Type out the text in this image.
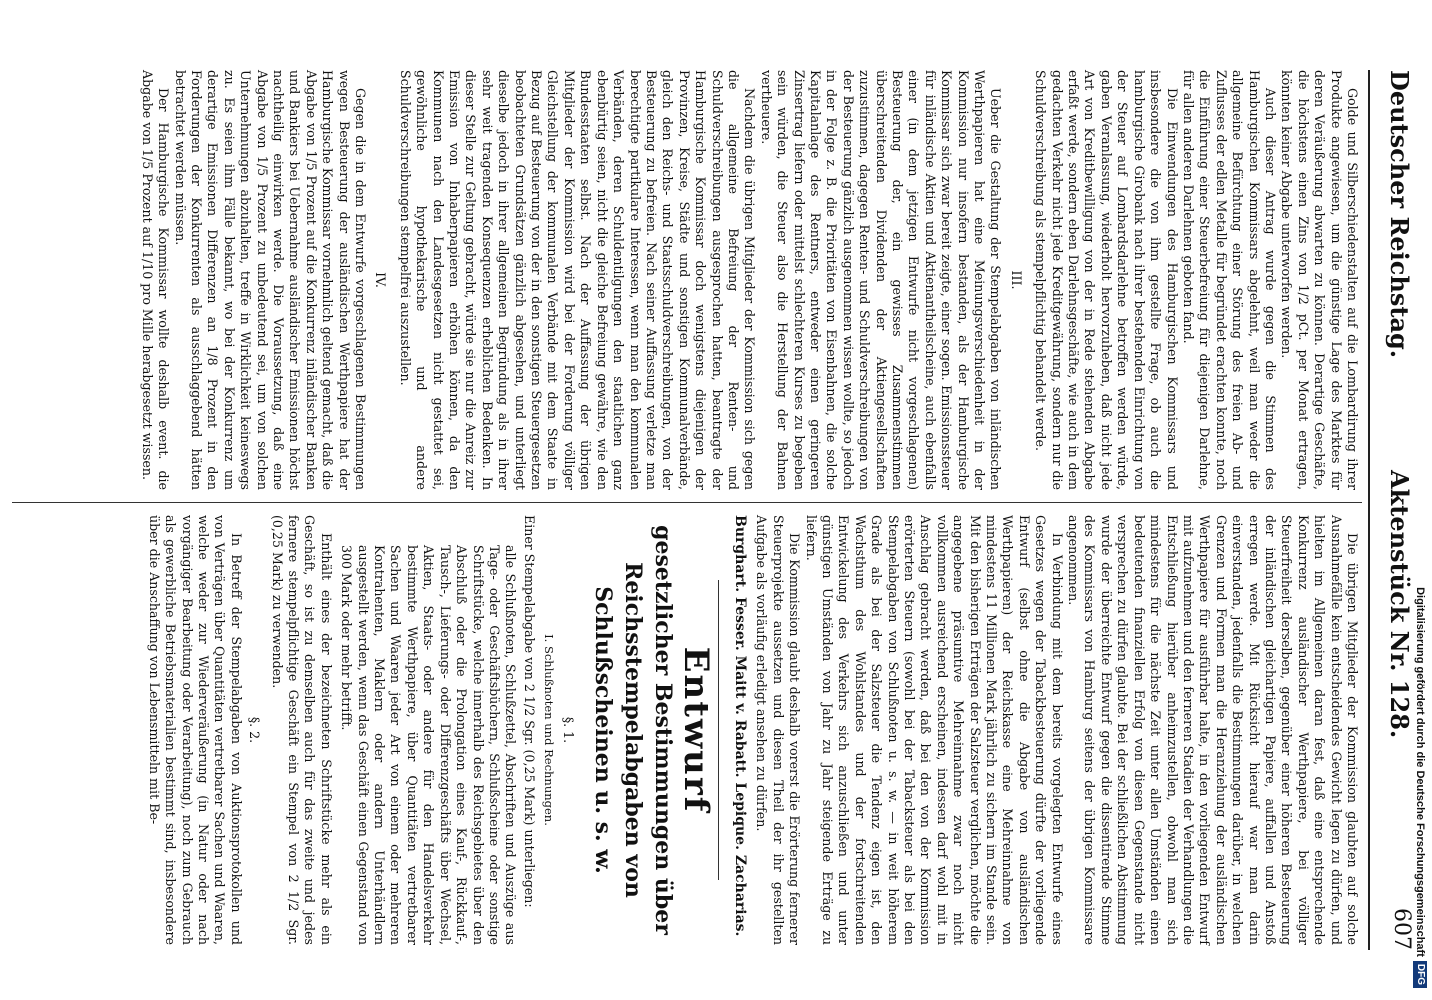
Deutscher Reichstag.
Aktenstück Nr. 128.
607

Golde und Silberschiedenstalten auf die Lombardirung ihrer Produkte angewiesen, um die günstige Lage des Marktes für deren Veräußerung abwarten zu können. Derartige Geschäfte, die höchstens einen Zins von 1/2 pCt. per Monat ertragen, könnten keiner Abgabe unterworfen werden.

Auch dieser Antrag wurde gegen die Stimmen des Hamburgischen Kommissars abgelehnt, weil man weder die allgemeine Befürchtung einer Störung des freien Ab- und Zuflusses der edlen Metalle für begründet erachten konnte, noch die Einführung einer Steuerbefreiung für diejenigen Darlehne, für allen anderen Darlehnen geboten fand.

Die Einwendungen des Hamburgischen Kommissars und insbesondere die von ihm gestellte Frage, ob auch die hamburgische Girobank nach ihrer bestehenden Einrichtung von der Steuer auf Lombardsdarlehne betroffen werden würde, gaben Veranlassung, wiederholt hervorzuheben, daß nicht jede Art von Kreditbewilligung von der in Rede stehenden Abgabe erfaßt werde, sondern eben Darlehnsgeschäfte, wie auch in dem gedachten Verkehr nicht jede Kreditgewährung, sondern nur die Schuldverschreibung als stempelpflichtig behandelt werde.

III.

Ueber die Gestaltung der Stempelabgaben von inländischen Werthpapieren hat eine Meinungsverschiedenheit in der Kommission nur insofern bestanden, als der Hamburgische Kommissar sich zwar bereit zeigte, einer sogen. Emissionssteuer für inländische Aktien und Aktienantheilscheine, auch ebenfalls einer (in dem jetzigen Entwurfe nicht vorgeschlagenen) Besteuerung der, ein gewisses Zusammenstimmen überschreitenden Dividenden der Aktiengesellschaften zuzustimmen, dagegen Renten- und Schuldverschreibungen von der Besteuerung gänzlich ausgenommen wissen wollte, so jedoch in der Folge z. B. die Prioritäten von Eisenbahnen, die solche Kapitalanlage des Rentners, entweder einen geringeren Zinsertrag liefern oder mittelst schlechteren Kurses zu begeben sein würden, die Steuer also die Herstellung der Bahnen vertheuere.

Nachdem die übrigen Mitglieder der Kommission sich gegen die allgemeine Befreiung der Renten- und Schuldverschreibungen ausgesprochen hatten, beantragte der Hamburgische Kommissar doch wenigstens diejenigen der Provinzen, Kreise, Städte und sonstigen Kommunalverbände, gleich den Reichs- und Staatsschuldverschreibungen, von der Besteuerung zu befreien. Nach seiner Auffassung verletze man berechtigte partikulare Interessen, wenn man den kommunalen Verbänden, deren Schuldentilgungen den staatlichen ganz ebenbürtig seien, nicht die gleiche Befreiung gewähre, wie den Bundesstaaten selbst. Nach der Auffassung der übrigen Mitglieder der Kommission wird bei der Forderung völliger Gleichstellung der kommunalen Verbände mit dem Staate in Bezug auf Besteuerung von der in den sonstigen Steuergesetzen beobachteten Grundsätzen gänzlich abgesehen, und unterliegt dieselbe jedoch in ihrer allgemeinen Begründung als in ihrer sehr weit tragenden Konsequenzen erheblichen Bedenken. In dieser Stelle zur Geltung gebracht, würde sie nur die Anreiz zur Emission von Inhaberpapieren erhöhen können, da den Kommunen nach den Landesgesetzen nicht gestattet sei, gewöhnliche hypothekarische und andere Schuldverschreibungen stempelfrei auszustellen.

IV.

Gegen die in dem Entwurfe vorgeschlagenen Bestimmungen wegen Besteuerung der ausländischen Werthpapiere hat der Hamburgische Kommissar vornehmlich geltend gemacht, daß die Abgabe von 1/5 Prozent auf die Konkurrenz inländischer Banken und Bankiers bei Uebernahme ausländischer Emissionen höchst nachtheilig einwirken werde. Die Voraussetzung, daß eine Abgabe von 1/5 Prozent zu unbedeutend sei, um von solchen Unternehmungen abzuhalten, treffe in Wirklichkeit keineswegs zu. Es seien ihm Fälle bekannt, wo bei der Konkurrenz um derartige Emissionen Differenzen an 1/8 Prozent in den Forderungen der Konkurrenten als ausschlaggebend hätten betrachtet werden müssen.

Der Hamburgische Kommissar wollte deshalb event. die Abgabe von 1/5 Prozent auf 1/10 pro Mille herabgesetzt wissen.

Die übrigen Mitglieder der Kommission glaubten auf solche Ausnahmefälle kein entscheidendes Gewicht legen zu dürfen, und hielten im Allgemeinen daran fest, daß eine entsprechende Konkurrenz ausländischer Werthpapiere, bei völliger Steuerfreiheit derselben, gegenüber einer höheren Besteuerung der inländischen gleichartigen Papiere, auffallen und Anstoß erregen werde. Mit Rücksicht hierauf war man darin einverstanden, jedenfalls die Bestimmungen darüber, in welchen Grenzen und Formen man die Heranziehung der ausländischen Werthpapiere für ausführbar halte, in den vorliegenden Entwurf mit aufzunehmen und den ferneren Stadien der Verhandlungen die Entschließung hierüber anheimzustellen, obwohl man sich mindestens für die nächste Zeit unter allen Umständen einen bedeutenden finanziellen Erfolg von diesen Gegenstande nicht versprechen zu dürfen glaubte. Bei der schließlichen Abstimmung wurde der überreichte Entwurf gegen die dissentirende Stimme des Kommissars von Hamburg seitens der übrigen Kommissare angenommen.

In Verbindung mit dem bereits vorgelegten Entwurfe eines Gesetzes wegen der Tabackbesteuerung dürfte der vorliegende Entwurf (selbst ohne die Abgabe von ausländischen Werthpapieren) der Reichskasse eine Mehreinnahme von mindestens 11 Millionen Mark jährlich zu sichern im Stande sein. Mit den bisherigen Erträgen der Salzsteuer verglichen, möchte die angegebene präsumtive Mehreinnahme zwar noch nicht vollkommen ausreichend erscheinen, indessen darf wohl mit in Anschlag gebracht werden, daß bei den von der Kommission erörterten Steuern (sowohl bei der Tabacksteuer als bei den Stempelabgaben von Schlußnoten u. s. w. — in weit höherem Grade als bei der Salzsteuer die Tendenz eigen ist, den Wachsthum des Wohlstandes und der fortschreitenden Entwickelung des Verkehrs sich anzuschließen und unter günstigen Umständen von Jahr zu Jahr steigende Erträge zu liefern.

Die Kommission glaubt deshalb vorerst die Erörterung fernerer Steuerprojekte aussetzen und diesen Theil der ihr gestellten Aufgabe als vorläufig erledigt ansehen zu dürfen.

Burghart. Fesser. Maitt v. Rabatt. Lepique. Zacharias.

Entwurf
gesetzlicher Bestimmungen über Reichsstempelabgaben von Schlußscheinen u. s. w.
§. 1.
I. Schlußnoten und Rechnungen.

Einer Stempelabgabe von 2 1/2 Sgr. (0,25 Mark) unterliegen:

alle Schlußnoten, Schlußzettel, Abschriften und Auszüge aus Tage- oder Geschäftsbüchern, Schlußscheine oder sonstige Schriftstücke, welche innerhalb des Reichsgebietes über den Abschluß oder die Prolongation eines Kauf-, Rückkauf-, Tausch-, Lieferungs- oder Differenzgeschäfts über Wechsel, Aktien, Staats- oder andere für den Handelsverkehr bestimmte Werthpapiere, über Quantitäten vertretbarer Sachen und Waaren jeder Art von einem oder mehreren Kontrahenten, Maklern oder andern Unterhändlern ausgestellt werden, wenn das Geschäft einen Gegenstand von 300 Mark oder mehr betrifft.

Enthält eines der bezeichneten Schriftstücke mehr als ein Geschäft, so ist zu demselben auch für das zweite und jedes fernere stempelpflichtige Geschäft ein Stempel von 2 1/2 Sgr. (0,25 Mark) zu verwenden.

§. 2.

In Betreff der Stempelabgaben von Auktionsprotokollen und von Verträgen über Quantitäten vertretbarer Sachen und Waaren, welche weder zur Wiederveräußerung (in Natur oder nach vorgängiger Bearbeitung oder Verarbeitung), noch zum Gebrauch als gewerbliche Betriebsmaterialien bestimmt sind, insbesondere über die Anschaffung von Lebensmitteln mit Be-	Digitalisierung gefördert durch die Deutsche ForschungsgemeinschaftDFG
